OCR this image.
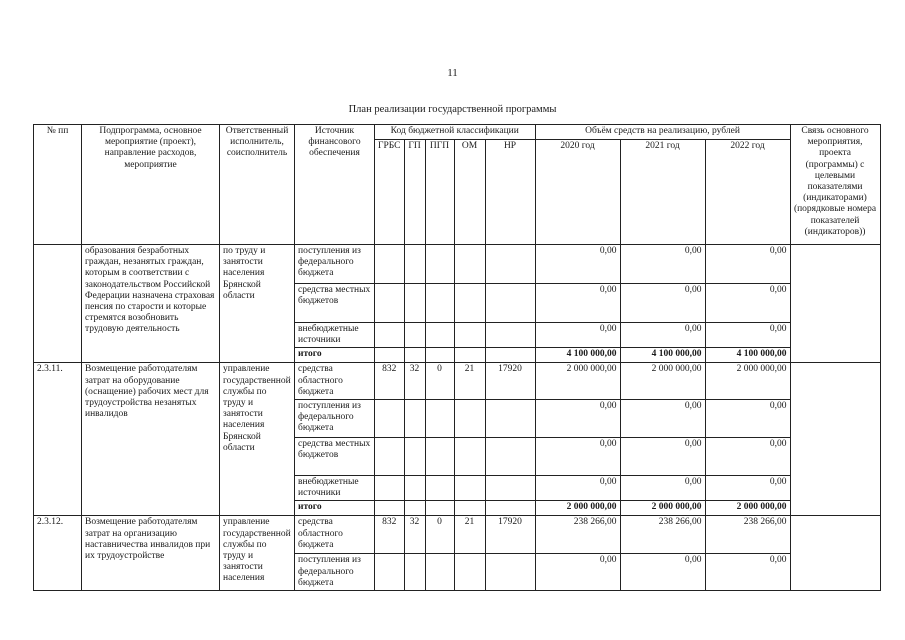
11
План реализации государственной программы
№ пп	Подпрограмма, основное мероприятие (проект), направление расходов, мероприятие	Ответственный исполнитель, соисполнитель	Источник финансового обеспечения	Код бюджетной классификации					Объём средств на реализацию, рублей			Связь основного мероприятия, проекта (программы) с целевыми показателями (индикаторами) (порядковые номера показателей (индикаторов))
				ГРБС	ГП	ПГП	ОМ	НР	2020 год	2021 год	2022 год	
	образования безработных граждан, незанятых граждан, которым в соответствии с законодательством Российской Федерации назначена страховая пенсия по старости и которые стремятся возобновить трудовую деятельность	по труду и занятости населения Брянской области	поступления из федерального бюджета						0,00	0,00	0,00	
			средства местных бюджетов						0,00	0,00	0,00	
			внебюджетные источники						0,00	0,00	0,00	
			итого						4 100 000,00	4 100 000,00	4 100 000,00	
2.3.11.	Возмещение работодателям затрат на оборудование (оснащение) рабочих мест для трудоустройства незанятых инвалидов	управление государственной службы по труду и занятости населения Брянской области	средства областного бюджета	832	32	0	21	17920	2 000 000,00	2 000 000,00	2 000 000,00	
			поступления из федерального бюджета						0,00	0,00	0,00	
			средства местных бюджетов						0,00	0,00	0,00	
			внебюджетные источники						0,00	0,00	0,00	
			итого						2 000 000,00	2 000 000,00	2 000 000,00	
2.3.12.	Возмещение работодателям затрат на организацию наставничества инвалидов при их трудоустройстве	управление государственной службы по труду и занятости населения	средства областного бюджета	832	32	0	21	17920	238 266,00	238 266,00	238 266,00	
			поступления из федерального бюджета						0,00	0,00	0,00	
